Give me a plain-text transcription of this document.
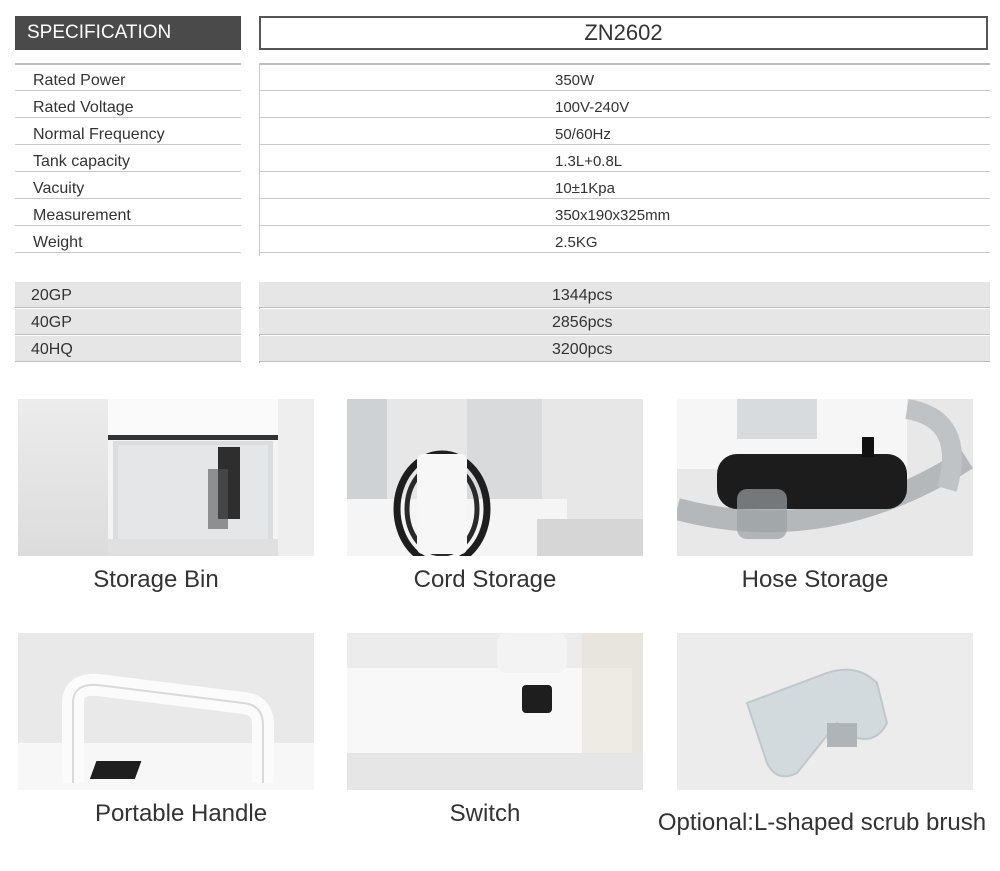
SPECIFICATION	ZN2602
Rated Power	350W
Rated Voltage	100V-240V
Normal Frequency	50/60Hz
Tank capacity	1.3L+0.8L
Vacuity	10±1Kpa
Measurement	350x190x325mm
Weight	2.5KG
20GP	1344pcs
40GP	2856pcs
40HQ	3200pcs
Storage Bin	Cord Storage	Hose Storage
Portable Handle	Switch	Optional:L-shaped scrub brush
